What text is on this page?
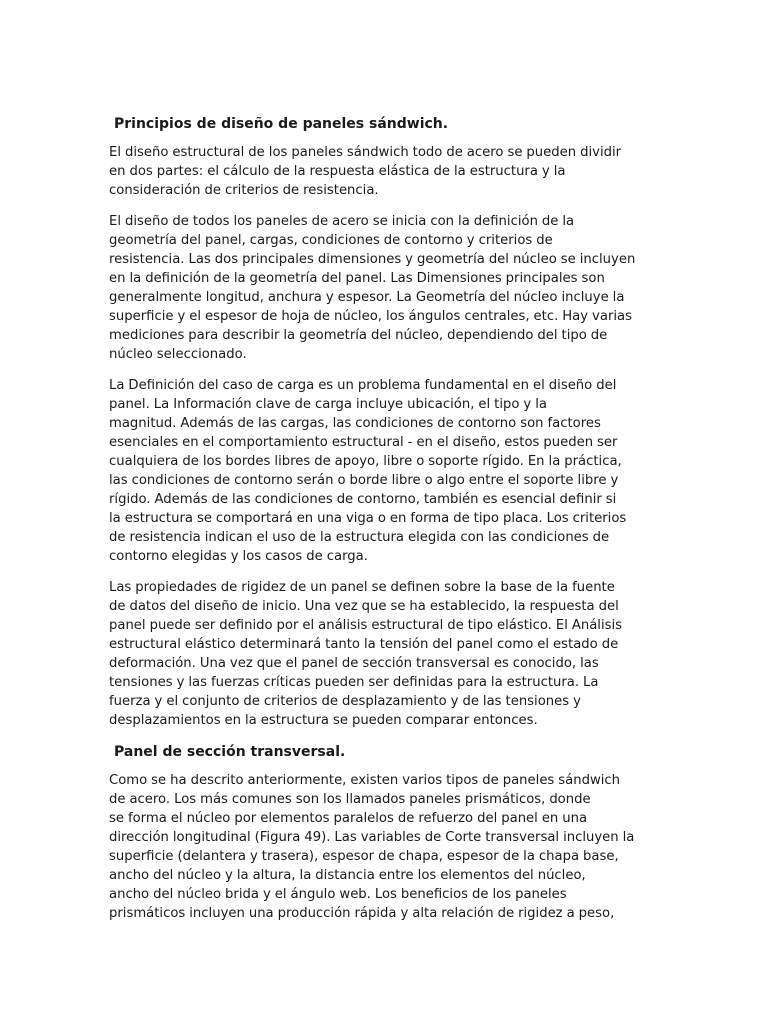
Principios de diseño de paneles sándwich.

El diseño estructural de los paneles sándwich todo de acero se pueden dividir
en dos partes: el cálculo de la respuesta elástica de la estructura y la
consideración de criterios de resistencia.

El diseño de todos los paneles de acero se inicia con la definición de la
geometría del panel, cargas, condiciones de contorno y criterios de
resistencia. Las dos principales dimensiones y geometría del núcleo se incluyen
en la definición de la geometría del panel. Las Dimensiones principales son
generalmente longitud, anchura y espesor. La Geometría del núcleo incluye la
superficie y el espesor de hoja de núcleo, los ángulos centrales, etc. Hay varias
mediciones para describir la geometría del núcleo, dependiendo del tipo de
núcleo seleccionado.

La Definición del caso de carga es un problema fundamental en el diseño del
panel. La Información clave de carga incluye ubicación, el tipo y la
magnitud. Además de las cargas, las condiciones de contorno son factores
esenciales en el comportamiento estructural - en el diseño, estos pueden ser
cualquiera de los bordes libres de apoyo, libre o soporte rígido. En la práctica,
las condiciones de contorno serán o borde libre o algo entre el soporte libre y
rígido. Además de las condiciones de contorno, también es esencial definir si
la estructura se comportará en una viga o en forma de tipo placa. Los criterios
de resistencia indican el uso de la estructura elegida con las condiciones de
contorno elegidas y los casos de carga.

Las propiedades de rigidez de un panel se definen sobre la base de la fuente
de datos del diseño de inicio. Una vez que se ha establecido, la respuesta del
panel puede ser definido por el análisis estructural de tipo elástico. El Análisis
estructural elástico determinará tanto la tensión del panel como el estado de
deformación. Una vez que el panel de sección transversal es conocido, las
tensiones y las fuerzas críticas pueden ser definidas para la estructura. La
fuerza y el conjunto de criterios de desplazamiento y de las tensiones y
desplazamientos en la estructura se pueden comparar entonces.

Panel de sección transversal.

Como se ha descrito anteriormente, existen varios tipos de paneles sándwich
de acero. Los más comunes son los llamados paneles prismáticos, donde
se forma el núcleo por elementos paralelos de refuerzo del panel en una
dirección longitudinal (Figura 49). Las variables de Corte transversal incluyen la
superficie (delantera y trasera), espesor de chapa, espesor de la chapa base,
ancho del núcleo y la altura, la distancia entre los elementos del núcleo,
ancho del núcleo brida y el ángulo web. Los beneficios de los paneles
prismáticos incluyen una producción rápida y alta relación de rigidez a peso,
